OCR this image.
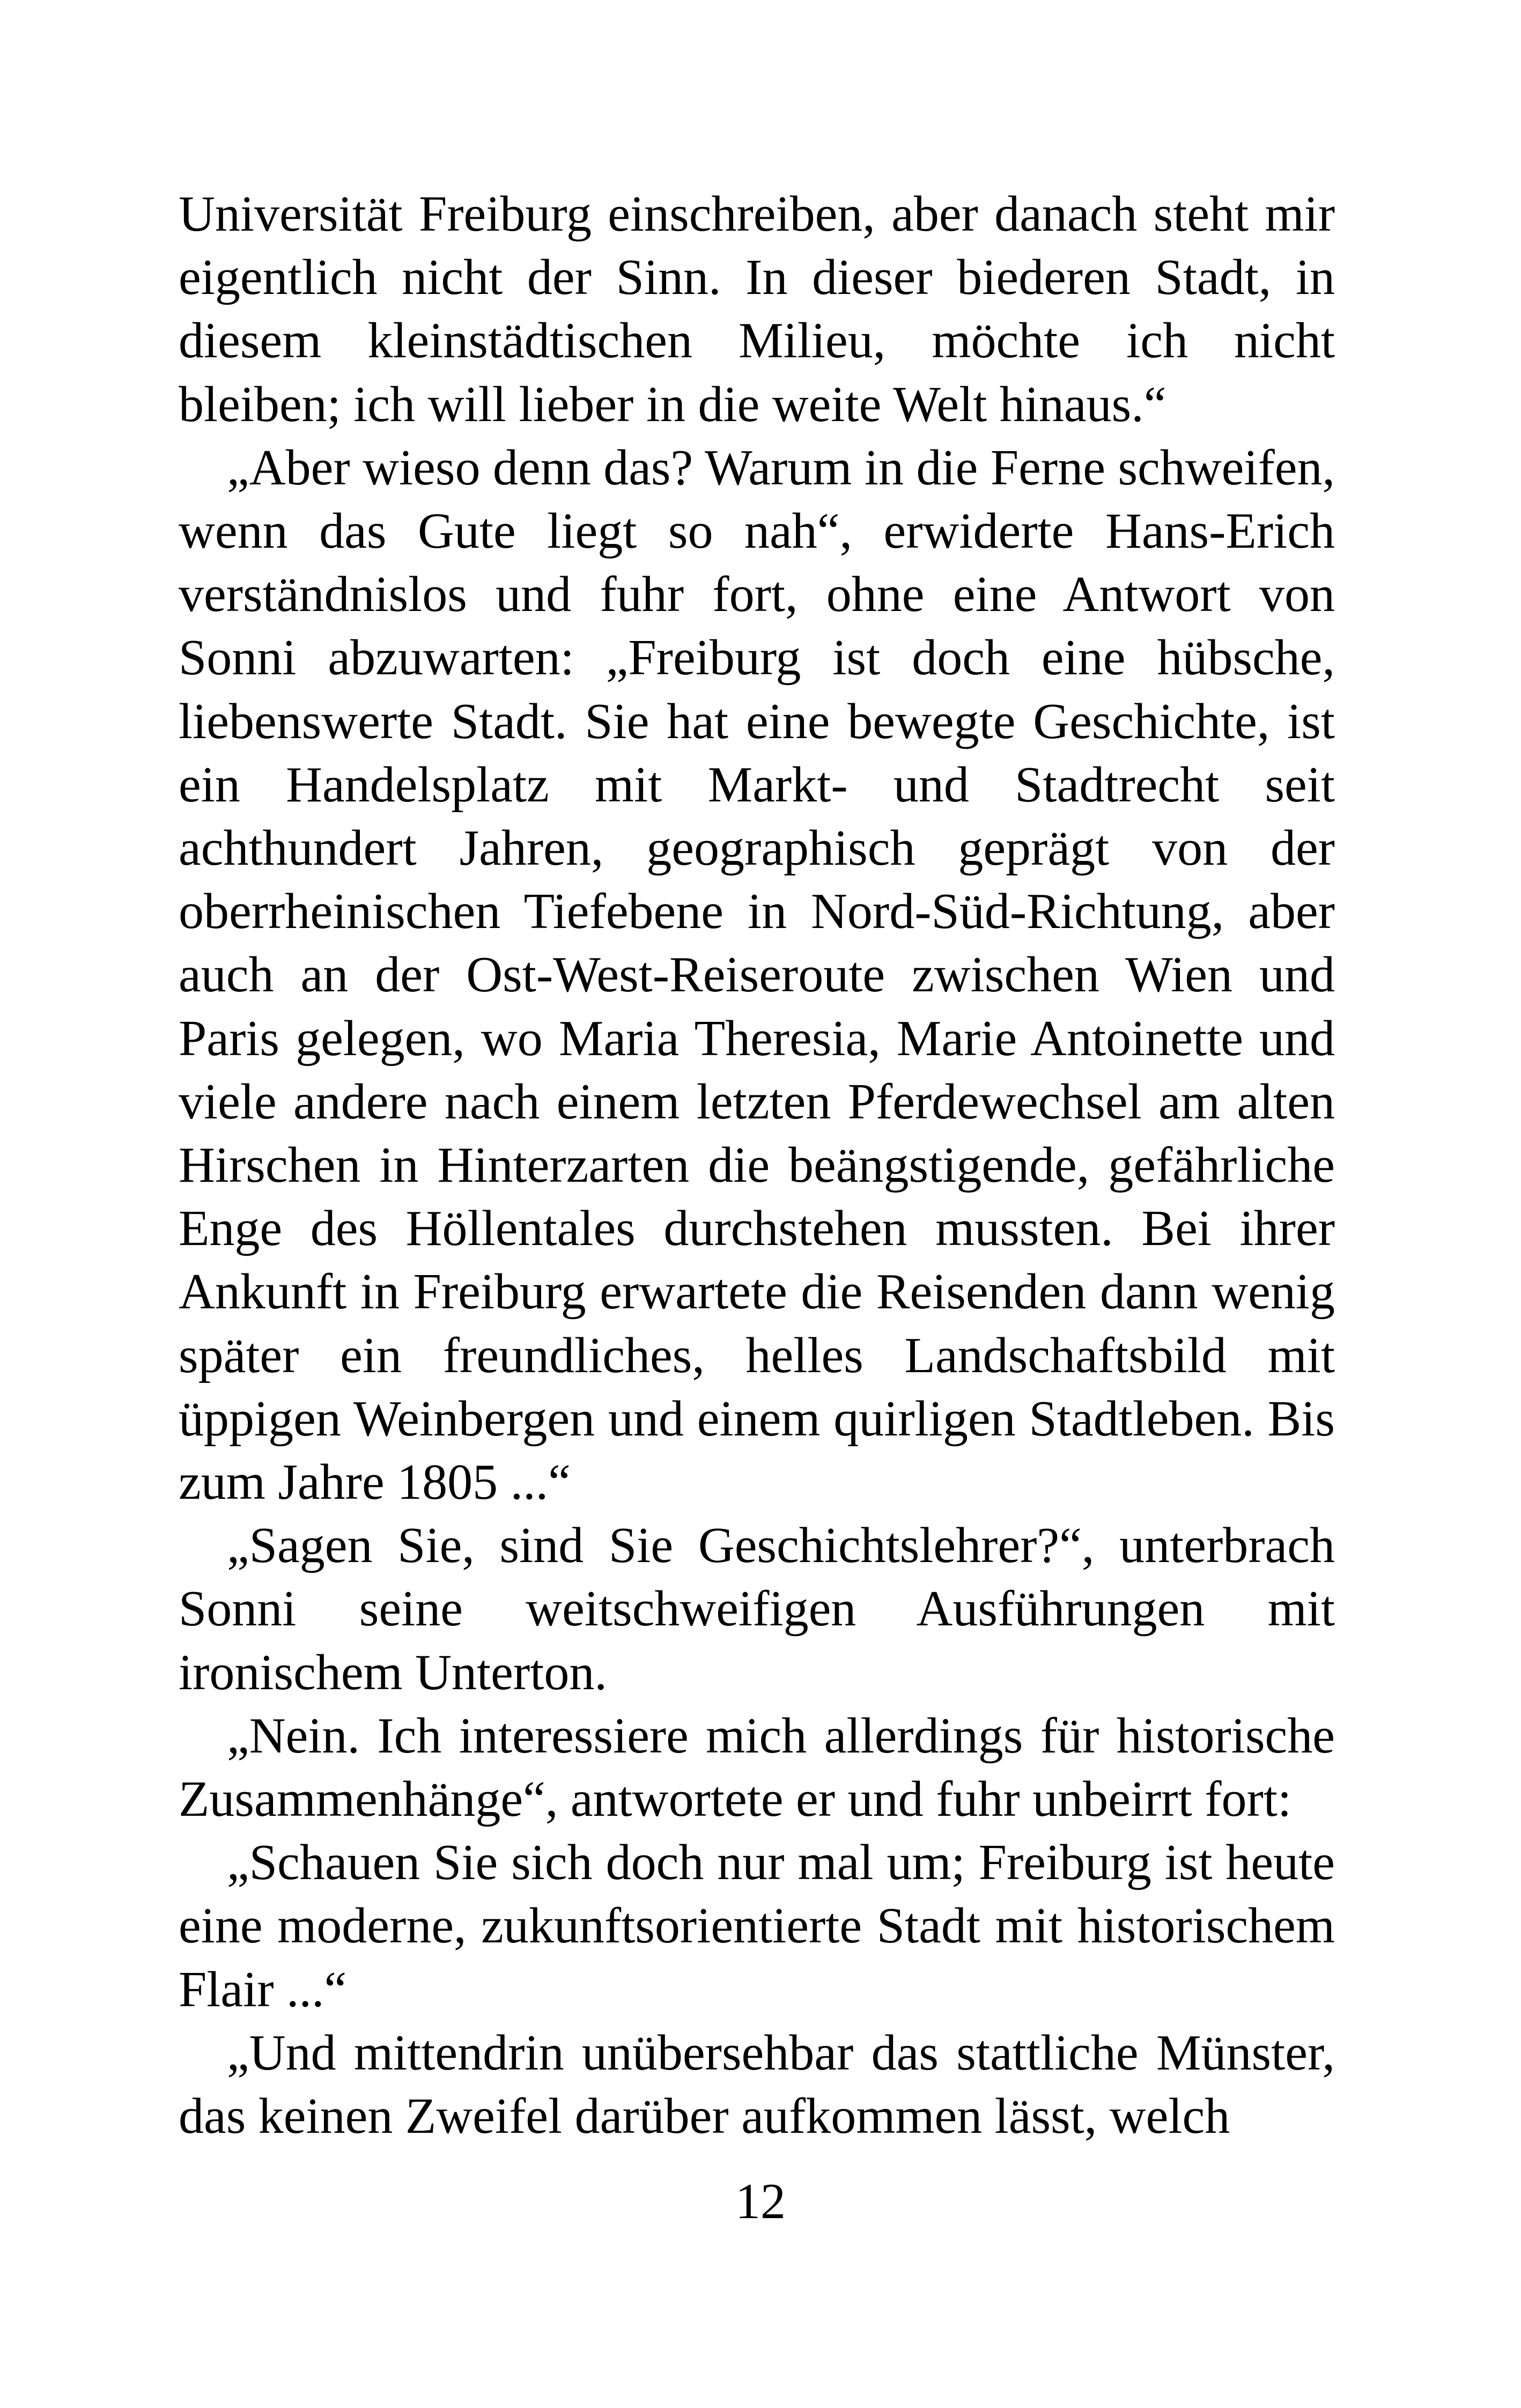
Universität Freiburg einschreiben, aber danach steht mir eigentlich nicht der Sinn. In dieser biederen Stadt, in diesem kleinstädtischen Milieu, möchte ich nicht bleiben; ich will lieber in die weite Welt hinaus.“

„Aber wieso denn das? Warum in die Ferne schweifen, wenn das Gute liegt so nah“, erwiderte Hans-Erich verständnislos und fuhr fort, ohne eine Antwort von Sonni abzuwarten: „Freiburg ist doch eine hübsche, liebenswerte Stadt. Sie hat eine bewegte Geschichte, ist ein Handelsplatz mit Markt- und Stadtrecht seit achthundert Jahren, geographisch geprägt von der oberrheinischen Tiefebene in Nord-Süd-Richtung, aber auch an der Ost-West-Reiseroute zwischen Wien und Paris gelegen, wo Maria Theresia, Marie Antoinette und viele andere nach einem letzten Pferdewechsel am alten Hirschen in Hinterzarten die beängstigende, gefährliche Enge des Höllentales durchstehen mussten. Bei ihrer Ankunft in Freiburg erwartete die Reisenden dann wenig später ein freundliches, helles Landschaftsbild mit üppigen Weinbergen und einem quirligen Stadtleben. Bis zum Jahre 1805 ...“

„Sagen Sie, sind Sie Geschichtslehrer?“, unterbrach Sonni seine weitschweifigen Ausführungen mit ironischem Unterton.

„Nein. Ich interessiere mich allerdings für historische Zusammenhänge“, antwortete er und fuhr unbeirrt fort:

„Schauen Sie sich doch nur mal um; Freiburg ist heute eine moderne, zukunftsorientierte Stadt mit historischem Flair ...“

„Und mittendrin unübersehbar das stattliche Münster, das keinen Zweifel darüber aufkommen lässt, welch

12
